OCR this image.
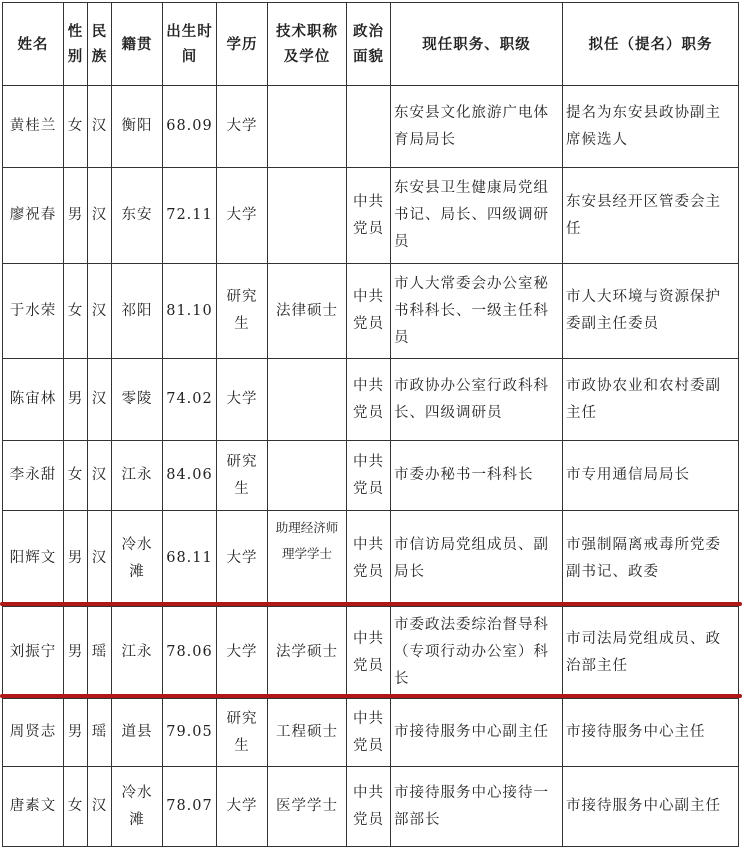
姓名	性别	民族	籍贯	出生时间	学历	技术职称及学位	政治面貌	现任职务、职级	拟任（提名）职务
黄桂兰	女	汉	衡阳	68.09	大学			东安县文化旅游广电体育局局长	提名为东安县政协副主席候选人
廖祝春	男	汉	东安	72.11	大学		中共党员	东安县卫生健康局党组书记、局长、四级调研员	东安县经开区管委会主任
于水荣	女	汉	祁阳	81.10	研究生	法律硕士	中共党员	市人大常委会办公室秘书科科长、一级主任科员	市人大环境与资源保护委副主任委员
陈宙林	男	汉	零陵	74.02	大学		中共党员	市政协办公室行政科科长、四级调研员	市政协农业和农村委副主任
李永甜	女	汉	江永	84.06	研究生		中共党员	市委办秘书一科科长	市专用通信局局长
阳辉文	男	汉	冷水滩	68.11	大学	助理经济师理学学士	中共党员	市信访局党组成员、副局长	市强制隔离戒毒所党委副书记、政委
刘振宁	男	瑶	江永	78.06	大学	法学硕士	中共党员	市委政法委综治督导科（专项行动办公室）科长	市司法局党组成员、政治部主任
周贤志	男	瑶	道县	79.05	研究生	工程硕士	中共党员	市接待服务中心副主任	市接待服务中心主任
唐素文	女	汉	冷水滩	78.07	大学	医学学士	中共党员	市接待服务中心接待一部部长	市接待服务中心副主任
